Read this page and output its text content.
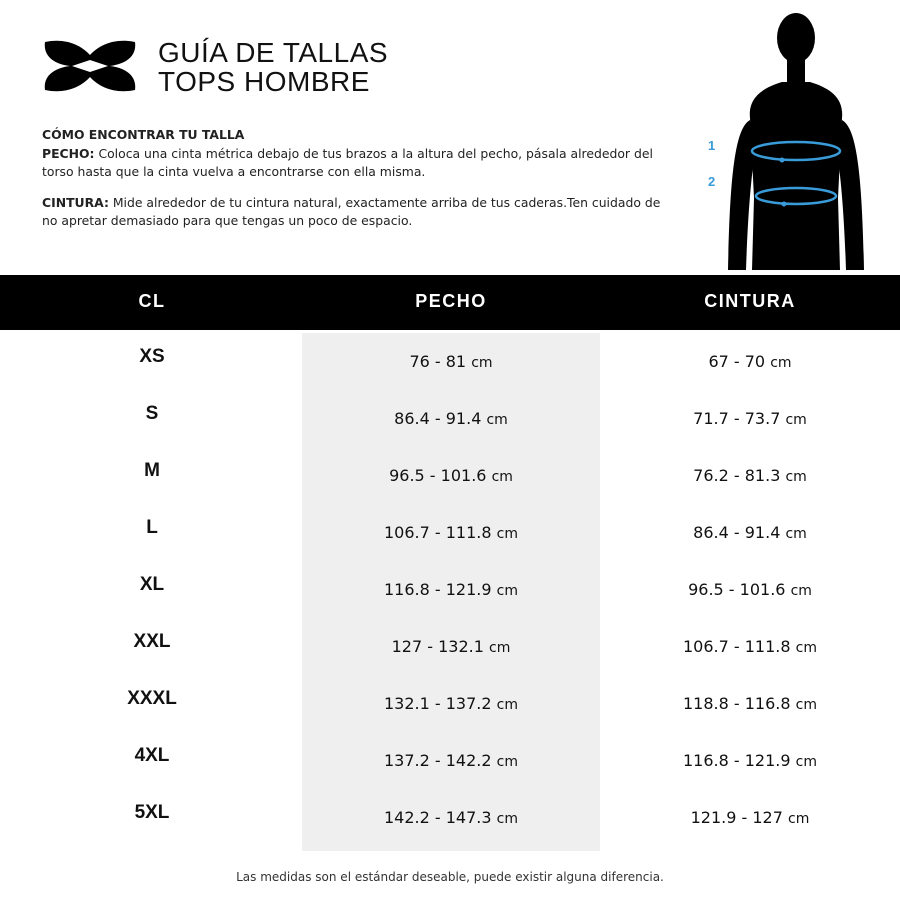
GUÍA DE TALLAS
TOPS HOMBRE
CÓMO ENCONTRAR TU TALLA

PECHO: Coloca una cinta métrica debajo de tus brazos a la altura del pecho, pásala alrededor del torso hasta que la cinta vuelva a encontrarse con ella misma.

CINTURA: Mide alrededor de tu cintura natural, exactamente arriba de tus caderas.Ten cuidado de no apretar demasiado para que tengas un poco de espacio.

1
2
CL	PECHO	CINTURA
XS	76 - 81 cm	67 - 70 cm
S	86.4 - 91.4 cm	71.7 - 73.7 cm
M	96.5 - 101.6 cm	76.2 - 81.3 cm
L	106.7 - 111.8 cm	86.4 - 91.4 cm
XL	116.8 - 121.9 cm	96.5 - 101.6 cm
XXL	127 - 132.1 cm	106.7 - 111.8 cm
XXXL	132.1 - 137.2 cm	118.8 - 116.8 cm
4XL	137.2 - 142.2 cm	116.8 - 121.9 cm
5XL	142.2 - 147.3 cm	121.9 - 127 cm
Las medidas son el estándar deseable, puede existir alguna diferencia.
